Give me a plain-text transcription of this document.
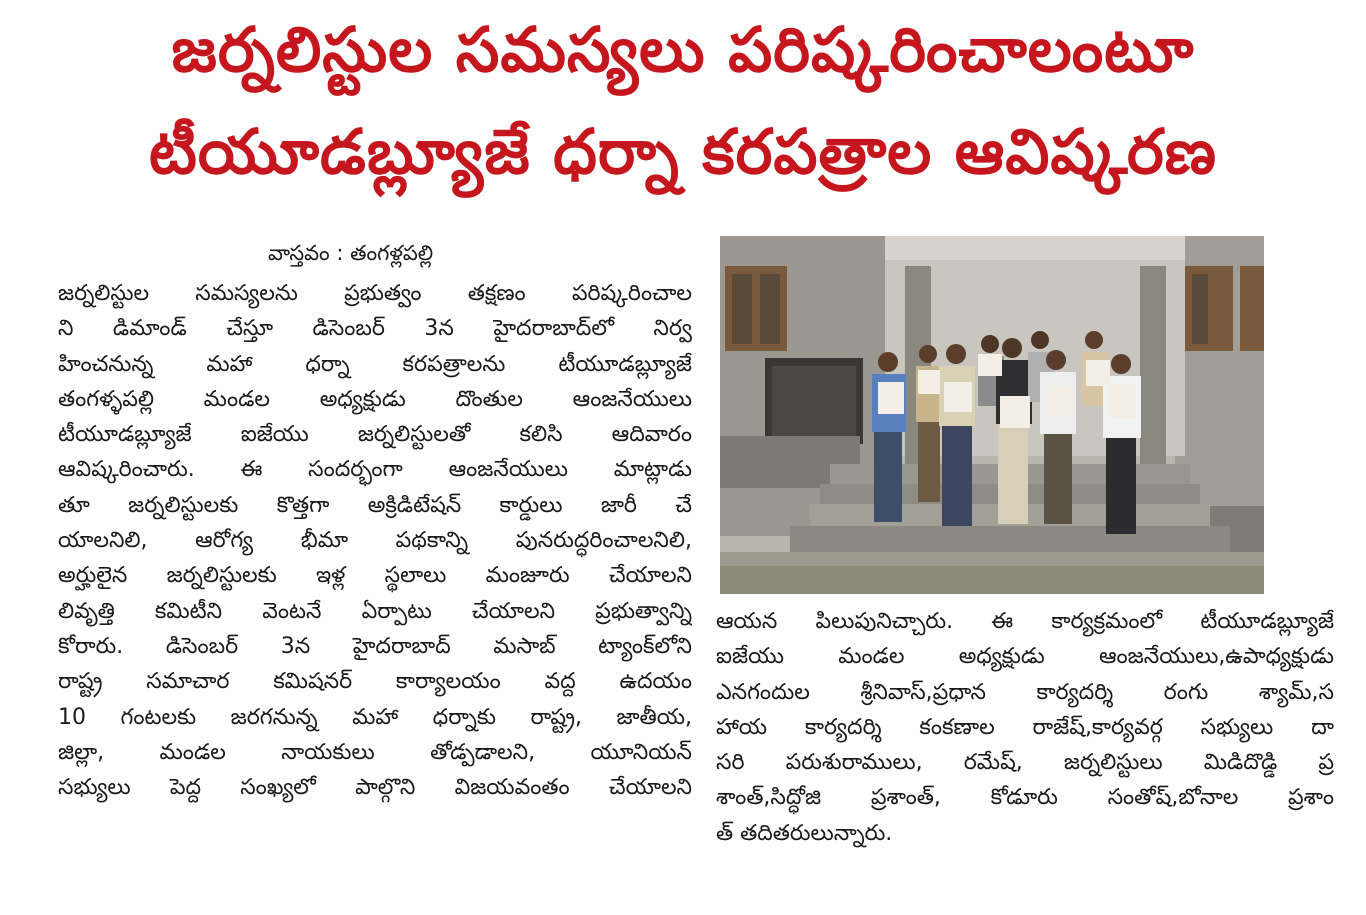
జర్నలిస్టుల సమస్యలు పరిష్కరించాలంటూ
టీయూడబ్ల్యూజే ధర్నా కరపత్రాల ఆవిష్కరణ
వాస్తవం : తంగళ్లపల్లి
జర్నలిస్టుల సమస్యలను ప్రభుత్వం తక్షణం పరిష్కరించాల
ని డిమాండ్ చేస్తూ డిసెంబర్ 3న హైదరాబాద్‌లో నిర్వ
హించనున్న మహా ధర్నా కరపత్రాలను టీయూడబ్ల్యూజే
తంగళ్ళపల్లి మండల అధ్యక్షుడు దొంతుల ఆంజనేయులు
టీయూడబ్ల్యూజే ఐజేయు జర్నలిస్టులతో కలిసి ఆదివారం
ఆవిష్కరించారు. ఈ సందర్భంగా ఆంజనేయులు మాట్లాడు
తూ జర్నలిస్టులకు కొత్తగా అక్రిడిటేషన్ కార్డులు జారీ చే
యాలనిలి, ఆరోగ్య భీమా పథకాన్ని పునరుద్ధరించాలనిలి,
అర్హులైన జర్నలిస్టులకు ఇళ్ల స్థలాలు మంజూరు చేయాలని
లివృత్తి కమిటీని వెంటనే ఏర్పాటు చేయాలని ప్రభుత్వాన్ని
కోరారు. డిసెంబర్ 3న హైదరాబాద్ మసాబ్ ట్యాంక్‌లోని
రాష్ట్ర సమాచార కమిషనర్ కార్యాలయం వద్ద ఉదయం
10 గంటలకు జరగనున్న మహా ధర్నాకు రాష్ట్ర, జాతీయ,
జిల్లా, మండల నాయకులు తోడ్పడాలని, యూనియన్
సభ్యులు పెద్ద సంఖ్యలో పాల్గొని విజయవంతం చేయాలని
ఆయన పిలుపునిచ్చారు. ఈ కార్యక్రమంలో టీయూడబ్ల్యూజే
ఐజేయు మండల అధ్యక్షుడు ఆంజనేయులు,ఉపాధ్యక్షుడు
ఎనగందుల శ్రీనివాస్,ప్రధాన కార్యదర్శి రంగు శ్యామ్,స
హాయ కార్యదర్శి కంకణాల రాజేష్,కార్యవర్గ సభ్యులు దా
సరి పరుశురాములు, రమేష్, జర్నలిస్టులు మిడిదొడ్డి ప్ర
శాంత్,సిద్ధోజి ప్రశాంత్, కోడూరు సంతోష్,బోనాల ప్రశాం
త్ తదితరులున్నారు.
